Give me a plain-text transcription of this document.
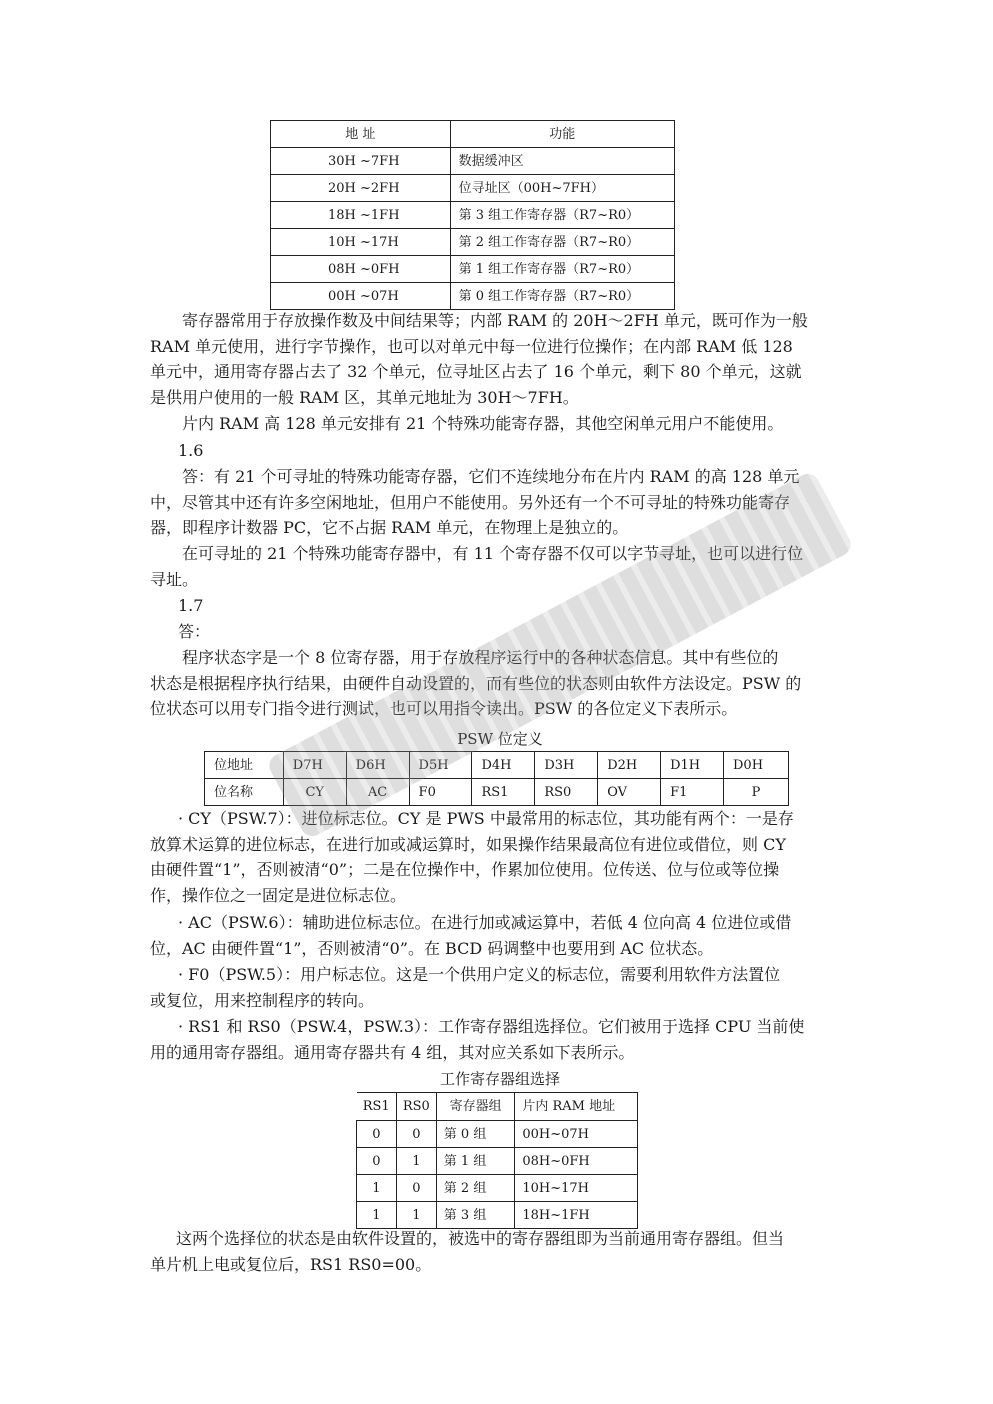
地 址	功能
30H ~7FH	数据缓冲区
20H ~2FH	位寻址区（00H~7FH）
18H ~1FH	第 3 组工作寄存器（R7~R0）
10H ~17H	第 2 组工作寄存器（R7~R0）
08H ~0FH	第 1 组工作寄存器（R7~R0）
00H ~07H	第 0 组工作寄存器（R7~R0）
寄存器常用于存放操作数及中间结果等；内部 RAM 的 20H～2FH 单元，既可作为一般
RAM 单元使用，进行字节操作，也可以对单元中每一位进行位操作；在内部 RAM 低 128
单元中，通用寄存器占去了 32 个单元，位寻址区占去了 16 个单元，剩下 80 个单元，这就
是供用户使用的一般 RAM 区，其单元地址为 30H～7FH。
片内 RAM 高 128 单元安排有 21 个特殊功能寄存器，其他空闲单元用户不能使用。
1.6
答：有 21 个可寻址的特殊功能寄存器，它们不连续地分布在片内 RAM 的高 128 单元
中，尽管其中还有许多空闲地址，但用户不能使用。另外还有一个不可寻址的特殊功能寄存
器，即程序计数器 PC，它不占据 RAM 单元，在物理上是独立的。
在可寻址的 21 个特殊功能寄存器中，有 11 个寄存器不仅可以字节寻址，也可以进行位
寻址。
1.7
答：
程序状态字是一个 8 位寄存器，用于存放程序运行中的各种状态信息。其中有些位的
状态是根据程序执行结果，由硬件自动设置的，而有些位的状态则由软件方法设定。PSW 的
位状态可以用专门指令进行测试，也可以用指令读出。PSW 的各位定义下表所示。
PSW 位定义
位地址	D7H	D6H	D5H	D4H	D3H	D2H	D1H	D0H
位名称	CY	AC	F0	RS1	RS0	OV	F1	P
· CY（PSW.7）：进位标志位。CY 是 PWS 中最常用的标志位，其功能有两个：一是存
放算术运算的进位标志，在进行加或减运算时，如果操作结果最高位有进位或借位，则 CY
由硬件置“1”，否则被清“0”；二是在位操作中，作累加位使用。位传送、位与位或等位操
作，操作位之一固定是进位标志位。
· AC（PSW.6）：辅助进位标志位。在进行加或减运算中，若低 4 位向高 4 位进位或借
位，AC 由硬件置“1”，否则被清“0”。在 BCD 码调整中也要用到 AC 位状态。
· F0（PSW.5）：用户标志位。这是一个供用户定义的标志位，需要利用软件方法置位
或复位，用来控制程序的转向。
· RS1 和 RS0（PSW.4，PSW.3）：工作寄存器组选择位。它们被用于选择 CPU 当前使
用的通用寄存器组。通用寄存器共有 4 组，其对应关系如下表所示。
工作寄存器组选择
RS1	RS0	寄存器组	片内 RAM 地址
0	0	第 0 组	00H~07H
0	1	第 1 组	08H~0FH
1	0	第 2 组	10H~17H
1	1	第 3 组	18H~1FH
这两个选择位的状态是由软件设置的，被选中的寄存器组即为当前通用寄存器组。但当
单片机上电或复位后，RS1 RS0=00。
